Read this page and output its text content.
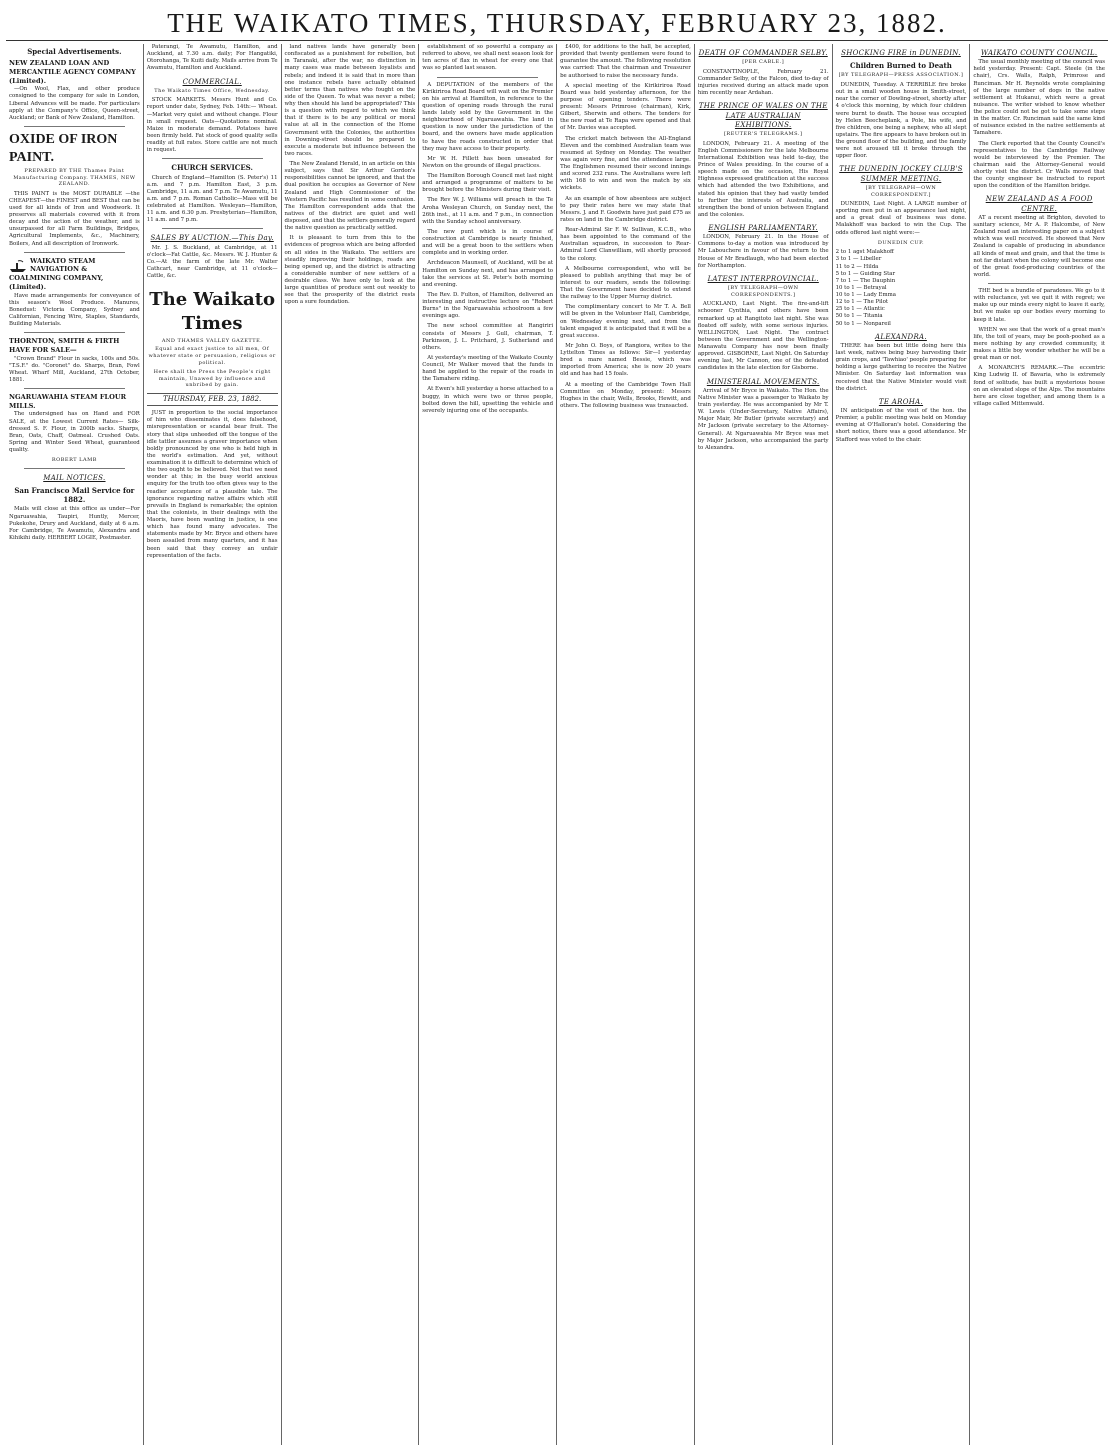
THE WAIKATO TIMES, THURSDAY, FEBRUARY 23, 1882.
Special Advertisements.
NEW ZEALAND LOAN AND MERCANTILE AGENCY COMPANY (Limited).

—On Wool, Flax, and other produce consigned to the company for sale in London, Liberal Advances will be made. For particulars apply at the Company's Office, Queen-street, Auckland; or Bank of New Zealand, Hamilton.

OXIDE OF IRON PAINT.
PREPARED BY THE Thames Paint Manufacturing Company. THAMES, NEW ZEALAND.

THIS PAINT is the MOST DURABLE —the CHEAPEST—the FINEST and BEST that can be used for all kinds of Iron and Woodwork. It preserves all materials covered with it from decay and the action of the weather, and is unsurpassed for all Farm Buildings, Bridges, Agricultural Implements, &c., Machinery, Boilers, And all description of Ironwork.

WAIKATO STEAM NAVIGATION & COALMINING COMPANY, (Limited).

Have made arrangements for conveyance of this season's Wool Produce. Manures, Bonedust: Victoria Company, Sydney and Californian, Fencing Wire, Staples, Standards, Building Materials.

THORNTON, SMITH & FIRTH HAVE FOR SALE—

"Crown Brand" Flour in sacks, 100s and 50s. "T.S.F." do. "Coronet" do. Sharps, Bran, Fowl Wheat. Wharf Mill, Auckland, 27th October, 1881.

NGARUAWAHIA STEAM FLOUR MILLS.

The undersigned has on Hand and FOR SALE, at the Lowest Current Rates— Silk-dressed S. F. Flour, in 200lb sacks. Sharps, Bran, Oats, Chaff, Oatmeal. Crushed Oats. Spring and Winter Seed Wheat, guaranteed quality.

ROBERT LAMB
MAIL NOTICES.
San Francisco Mail Service for 1882.

Mails will close at this office as under—For Ngaruawahia, Taupiri, Huntly, Mercer, Pukekohe, Drury and Auckland, daily at 6 a.m. For Cambridge, Te Awamutu, Alexandra and Kihikihi daily. HERBERT LOGIE, Postmaster.

Paterangi, Te Awamutu, Hamilton, and Auckland, at 7.30 a.m. daily; For Hangatiki, Otorohanga, Te Kuiti daily. Mails arrive from Te Awamutu, Hamilton and Auckland.

COMMERCIAL.
The Waikato Times Office, Wednesday.

STOCK MARKETS. Messrs Hunt and Co. report under date, Sydney, Feb. 14th:— Wheat.—Market very quiet and without change. Flour in small request. Oats—Quotations nominal. Maize in moderate demand. Potatoes have been firmly held. Fat stock of good quality sells readily at full rates. Store cattle are not much in request.

CHURCH SERVICES.

Church of England—Hamilton (S. Peter's) 11 a.m. and 7 p.m. Hamilton East, 3 p.m. Cambridge, 11 a.m. and 7 p.m. Te Awamutu, 11 a.m. and 7 p.m. Roman Catholic—Mass will be celebrated at Hamilton. Wesleyan—Hamilton, 11 a.m. and 6.30 p.m. Presbyterian—Hamilton, 11 a.m. and 7 p.m.

SALES BY AUCTION.—This Day.

Mr. J. S. Buckland, at Cambridge, at 11 o'clock—Fat Cattle, &c. Messrs. W. J. Hunter & Co.—At the farm of the late Mr. Walter Cathcart, near Cambridge, at 11 o'clock—Cattle, &c.

The Waikato Times
AND THAMES VALLEY GAZETTE.
Equal and exact justice to all men, Of whatever state or persuasion, religious or political.
Here shall the Press the People's right maintain, Unawed by influence and unbribed by gain.
THURSDAY, FEB. 23, 1882.

JUST in proportion to the social importance of him who disseminates it, does falsehood, misrepresentation or scandal bear fruit. The story that slips unheeded off the tongue of the idle tattler assumes a graver importance when boldly pronounced by one who is held high in the world's estimation. And yet, without examination it is difficult to determine which of the two ought to be believed. Not that we need wonder at this; in the busy world anxious enquiry for the truth too often gives way to the readier acceptance of a plausible tale. The ignorance regarding native affairs which still prevails in England is remarkable; the opinion that the colonists, in their dealings with the Maoris, have been wanting in justice, is one which has found many advocates. The statements made by Mr. Bryce and others have been assailed from many quarters, and it has been said that they convey an unfair representation of the facts.

land natives lands have generally been confiscated as a punishment for rebellion, but in Taranaki, after the war, no distinction in many cases was made between loyalists and rebels; and indeed it is said that in more than one instance rebels have actually obtained better terms than natives who fought on the side of the Queen. To what was never a rebel; why then should his land be appropriated? This is a question with regard to which we think that if there is to be any political or moral value at all in the connection of the Home Government with the Colonies, the authorities in Downing-street should be prepared to execute a moderate but influence between the two races.

The New Zealand Herald, in an article on this subject, says that Sir Arthur Gordon's responsibilities cannot be ignored, and that the dual position he occupies as Governor of New Zealand and High Commissioner of the Western Pacific has resulted in some confusion. The Hamilton correspondent adds that the natives of the district are quiet and well disposed, and that the settlers generally regard the native question as practically settled.

It is pleasant to turn from this to the evidences of progress which are being afforded on all sides in the Waikato. The settlers are steadily improving their holdings, roads are being opened up, and the district is attracting a considerable number of new settlers of a desirable class. We have only to look at the large quantities of produce sent out weekly to see that the prosperity of the district rests upon a sure foundation.

establishment of so powerful a company as referred to above, we shall next season look for ten acres of flax in wheat for every one that was so planted last season.

A DEPUTATION of the members of the Kirikiriroa Road Board will wait on the Premier on his arrival at Hamilton, in reference to the question of opening roads through the rural lands lately sold by the Government in the neighbourhood of Ngaruawahia. The land in question is now under the jurisdiction of the board, and the owners have made application to have the roads constructed in order that they may have access to their property.

Mr W. H. Fillett has been unseated for Newton on the grounds of illegal practices.

The Hamilton Borough Council met last night and arranged a programme of matters to be brought before the Ministers during their visit.

The Rev W. J. Williams will preach in the Te Aroha Wesleyan Church, on Sunday next, the 26th inst., at 11 a.m. and 7 p.m., in connection with the Sunday school anniversary.

The new punt which is in course of construction at Cambridge is nearly finished, and will be a great boon to the settlers when complete and in working order.

Archdeacon Maunsell, of Auckland, will be at Hamilton on Sunday next, and has arranged to take the services at St. Peter's both morning and evening.

The Rev. D. Fulton, of Hamilton, delivered an interesting and instructive lecture on "Robert Burns" in the Ngaruawahia schoolroom a few evenings ago.

The new school committee at Rangiriri consists of Messrs J. Gull, chairman, T. Parkinson, J. L. Pritchard, J. Sutherland and others.

At yesterday's meeting of the Waikato County Council, Mr Walker moved that the funds in hand be applied to the repair of the roads in the Tamahere riding.

At Ewen's hill yesterday a horse attached to a buggy, in which were two or three people, bolted down the hill, upsetting the vehicle and severely injuring one of the occupants.

£400, for additions to the hall, be accepted, provided that twenty gentlemen were found to guarantee the amount. The following resolution was carried: That the chairman and Treasurer be authorised to raise the necessary funds.

A special meeting of the Kirikiriroa Road Board was held yesterday afternoon, for the purpose of opening tenders. There were present: Messrs Primrose (chairman), Kirk, Gilbert, Sherwin and others. The tenders for the new road at Te Rapa were opened and that of Mr. Davies was accepted.

The cricket match between the All-England Eleven and the combined Australian team was resumed at Sydney on Monday. The weather was again very fine, and the attendance large. The Englishmen resumed their second innings and scored 232 runs. The Australians were left with 168 to win and won the match by six wickets.

As an example of how absentees are subject to pay their rates here we may state that Messrs. J. and F. Goodwin have just paid £75 as rates on land in the Cambridge district.

Rear-Admiral Sir F. W. Sullivan, K.C.B., who has been appointed to the command of the Australian squadron, in succession to Rear-Admiral Lord Clanwilliam, will shortly proceed to the colony.

A Melbourne correspondent, who will be pleased to publish anything that may be of interest to our readers, sends the following: That the Government have decided to extend the railway to the Upper Murray district.

The complimentary concert to Mr T. A. Bell will be given in the Volunteer Hall, Cambridge, on Wednesday evening next, and from the talent engaged it is anticipated that it will be a great success.

Mr John O. Boys, of Rangiora, writes to the Lyttelton Times as follows: Sir—I yesterday bred a mare named Bessie, which was imported from America; she is now 20 years old and has had 15 foals.

At a meeting of the Cambridge Town Hall Committee on Monday, present: Messrs Hughes in the chair, Wells, Brooks, Hewitt, and others. The following business was transacted.

DEATH OF COMMANDER SELBY.
[PER CABLE.]

CONSTANTINOPLE, February 21. Commander Selby, of the Falcon, died to-day of injuries received during an attack made upon him recently near Ardahan.

THE PRINCE OF WALES ON THE LATE AUSTRALIAN EXHIBITIONS.
[REUTER'S TELEGRAMS.]

LONDON, February 21. A meeting of the English Commissioners for the late Melbourne International Exhibition was held to-day, the Prince of Wales presiding. In the course of a speech made on the occasion, His Royal Highness expressed gratification at the success which had attended the two Exhibitions, and stated his opinion that they had vastly tended to further the interests of Australia, and strengthen the bond of union between England and the colonies.

ENGLISH PARLIAMENTARY.

LONDON, February 21. In the House of Commons to-day a motion was introduced by Mr Labouchere in favour of the return to the House of Mr Bradlaugh, who had been elected for Northampton.

LATEST INTERPROVINCIAL.
[BY TELEGRAPH—OWN CORRESPONDENTS.]

AUCKLAND, Last Night. The fire-and-lift schooner Cynthia, and others have been remarked up at Rangitoto last night. She was floated off safely, with some serious injuries. WELLINGTON, Last Night. The contract between the Government and the Wellington-Manawatu Company has now been finally approved. GISBORNE, Last Night. On Saturday evening last, Mr Cannon, one of the defeated candidates in the late election for Gisborne.

MINISTERIAL MOVEMENTS.

Arrival of Mr Bryce in Waikato. The Hon. the Native Minister was a passenger to Waikato by train yesterday. He was accompanied by Mr T. W. Lewis (Under-Secretary, Native Affairs), Major Mair, Mr Butler (private secretary) and Mr Jackson (private secretary to the Attorney-General). At Ngaruawahia Mr Bryce was met by Major Jackson, who accompanied the party to Alexandra.

SHOCKING FIRE in DUNEDIN.
Children Burned to Death
[BY TELEGRAPH—PRESS ASSOCIATION.]

DUNEDIN, Tuesday. A TERRIBLE fire broke out in a small wooden house in Smith-street, near the corner of Dowling-street, shortly after 4 o'clock this morning, by which four children were burnt to death. The house was occupied by Helen Beecheplank, a Pole, his wife, and five children, one being a nephew, who all slept upstairs. The fire appears to have broken out in the ground floor of the building, and the family were not aroused till it broke through the upper floor.

THE DUNEDIN JOCKEY CLUB'S SUMMER MEETING.
[BY TELEGRAPH—OWN CORRESPONDENT.]

DUNEDIN, Last Night. A LARGE number of sporting men put in an appearance last night, and a great deal of business was done. Malakhoff was backed to win the Cup. The odds offered last night were:—

DUNEDIN CUP.
2 to 1 agst Malakhoff
3 to 1 — Libeller
11 to 2 — Hilda
5 to 1 — Guiding Star
7 to 1 — The Dauphin
10 to 1 — Betrayal
10 to 1 — Lady Emma
12 to 1 — The Pilot
25 to 1 — Atlantic
50 to 1 — Titania
50 to 1 — Nonpareil
ALEXANDRA.

THERE has been but little doing here this last week, natives being busy harvesting their grain crops, and 'Tawhiao' people preparing for holding a large gathering to receive the Native Minister. On Saturday last information was received that the Native Minister would visit the district.

TE AROHA.

IN anticipation of the visit of the hon. the Premier, a public meeting was held on Monday evening at O'Halloran's hotel. Considering the short notice, there was a good attendance. Mr Stafford was voted to the chair.

WAIKATO COUNTY COUNCIL.

The usual monthly meeting of the council was held yesterday. Present: Capt. Steele (in the chair), Crs. Walls, Ralph, Primrose and Runciman. Mr H. Reynolds wrote complaining of the large number of dogs in the native settlement at Hukanui, which were a great nuisance. The writer wished to know whether the police could not be got to take some steps in the matter. Cr. Runciman said the same kind of nuisance existed in the native settlements at Tamahere.

The Clerk reported that the County Council's representatives to the Cambridge Railway would be interviewed by the Premier. The chairman said the Attorney-General would shortly visit the district. Cr Walls moved that the county engineer be instructed to report upon the condition of the Hamilton bridge.

NEW ZEALAND AS A FOOD CENTRE.

AT a recent meeting at Brighton, devoted to sanitary science, Mr A. P. Halcombe, of New Zealand read an interesting paper on a subject which was well received. He showed that New Zealand is capable of producing in abundance all kinds of meat and grain, and that the time is not far distant when the colony will become one of the great food-producing countries of the world.

THE bed is a bundle of paradoxes. We go to it with reluctance, yet we quit it with regret; we make up our minds every night to leave it early, but we make up our bodies every morning to keep it late.

WHEN we see that the work of a great man's life, the toil of years, may be pooh-poohed as a mere nothing by any crowded community, it makes a little boy wonder whether he will be a great man or not.

A MONARCH'S REMARK.—The eccentric King Ludwig II. of Bavaria, who is extremely fond of solitude, has built a mysterious house on an elevated slope of the Alps. The mountains here are close together, and among them is a village called Mittenwald.
